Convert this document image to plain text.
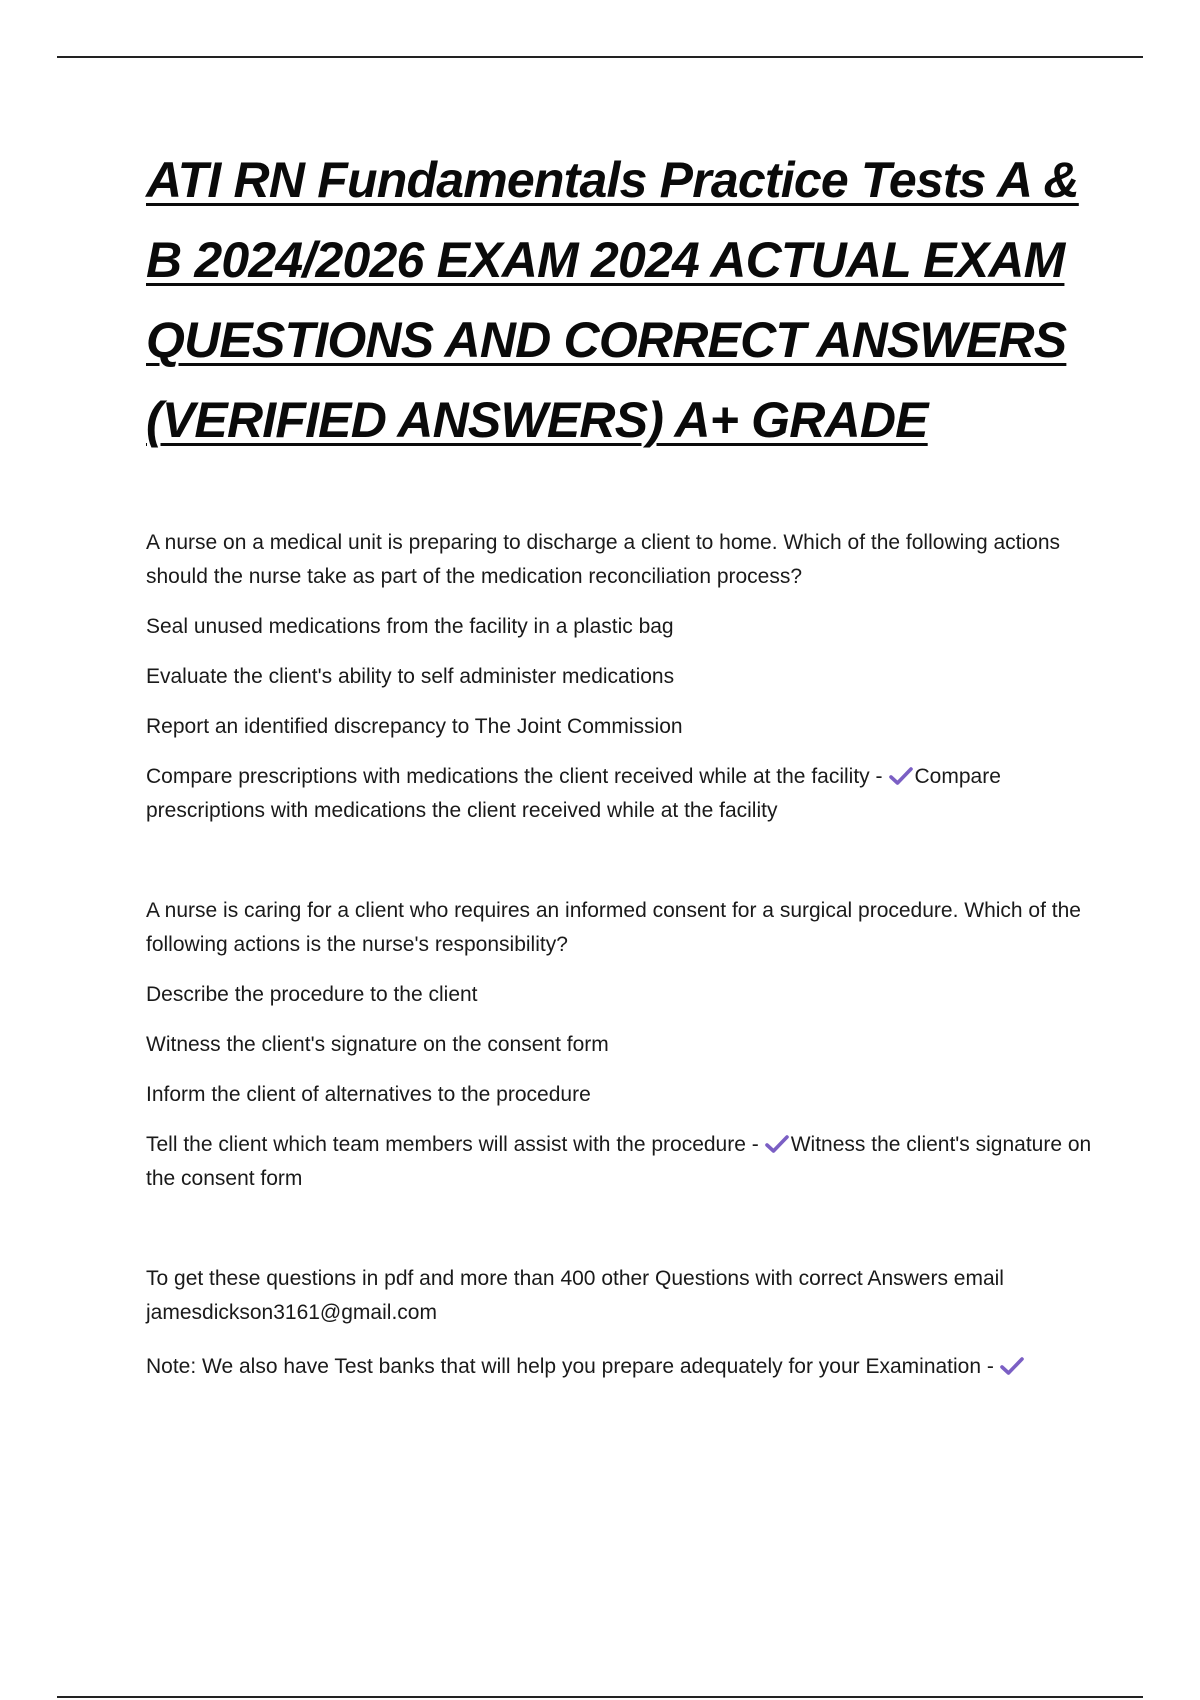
ATI RN Fundamentals Practice Tests A & B 2024/2026 EXAM 2024 ACTUAL EXAM QUESTIONS AND CORRECT ANSWERS (VERIFIED ANSWERS) A+ GRADE

A nurse on a medical unit is preparing to discharge a client to home. Which of the following actions should the nurse take as part of the medication reconciliation process?

Seal unused medications from the facility in a plastic bag

Evaluate the client's ability to self administer medications

Report an identified discrepancy to The Joint Commission

Compare prescriptions with medications the client received while at the facility - Compare prescriptions with medications the client received while at the facility

A nurse is caring for a client who requires an informed consent for a surgical procedure. Which of the following actions is the nurse's responsibility?

Describe the procedure to the client

Witness the client's signature on the consent form

Inform the client of alternatives to the procedure

Tell the client which team members will assist with the procedure - Witness the client's signature on the consent form

To get these questions in pdf and more than 400 other Questions with correct Answers email jamesdickson3161@gmail.com

Note: We also have Test banks that will help you prepare adequately for your Examination -
